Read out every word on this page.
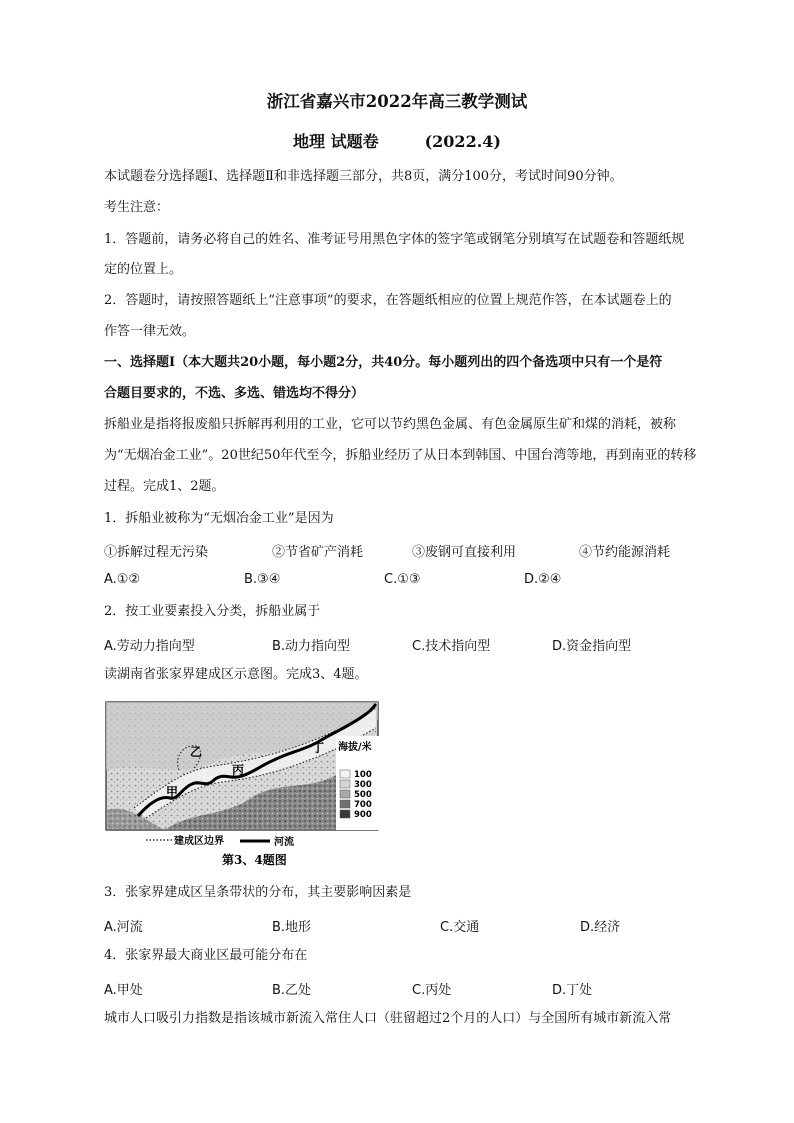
浙江省嘉兴市2022年高三教学测试
地理 试题卷	(2022.4)
本试题卷分选择题Ⅰ、选择题Ⅱ和非选择题三部分，共8页，满分100分，考试时间90分钟。
考生注意：
1．答题前，请务必将自己的姓名、准考证号用黑色字体的签字笔或钢笔分别填写在试题卷和答题纸规
定的位置上。
2．答题时，请按照答题纸上“注意事项”的要求，在答题纸相应的位置上规范作答，在本试题卷上的
作答一律无效。
一、选择题Ⅰ（本大题共20小题，每小题2分，共40分。每小题列出的四个备选项中只有一个是符
合题目要求的，不选、多选、错选均不得分）
拆船业是指将报废船只拆解再利用的工业，它可以节约黑色金属、有色金属原生矿和煤的消耗，被称
为“无烟冶金工业”。20世纪50年代至今，拆船业经历了从日本到韩国、中国台湾等地，再到南亚的转移
过程。完成1、2题。
1．拆船业被称为“无烟冶金工业”是因为
①拆解过程无污染	②节省矿产消耗	③废钢可直接利用	④节约能源消耗
A.①②	B.③④	C.①③	D.②④
2．按工业要素投入分类，拆船业属于
A.劳动力指向型	B.动力指向型	C.技术指向型	D.资金指向型
读湖南省张家界建成区示意图。完成3、4题。
甲
乙
丙
丁 海拔/米
100
300
500
700
900
建成区边界	河流
第3、4题图
3．张家界建成区呈条带状的分布，其主要影响因素是
A.河流	B.地形	C.交通	D.经济
4．张家界最大商业区最可能分布在
A.甲处	B.乙处	C.丙处	D.丁处
城市人口吸引力指数是指该城市新流入常住人口（驻留超过2个月的人口）与全国所有城市新流入常
